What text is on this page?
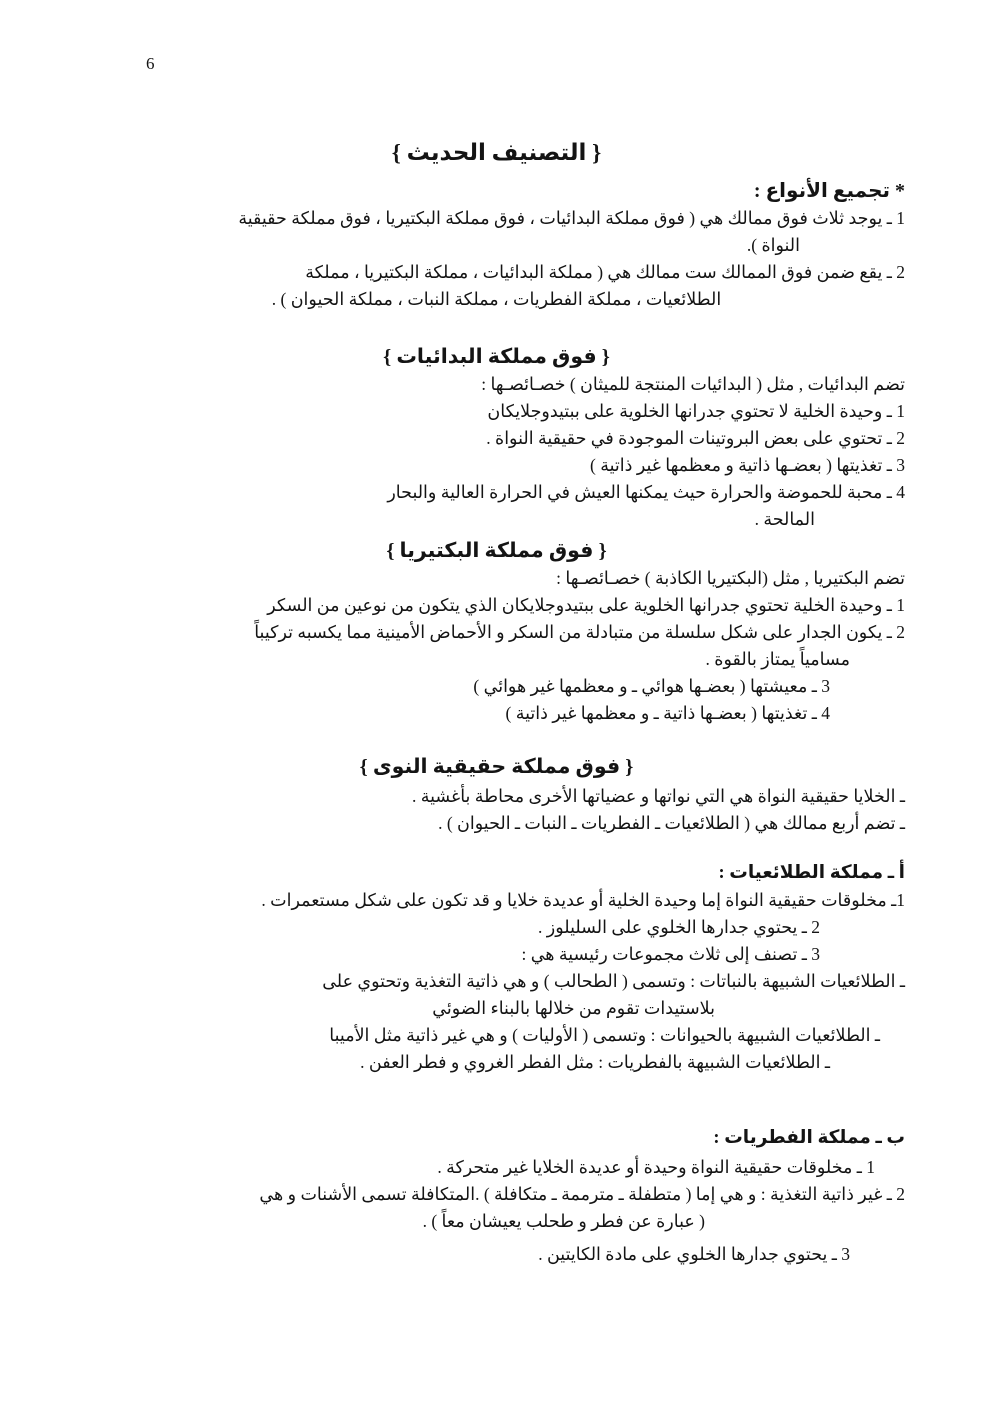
6
{ التصنيف الحديث }
* تجميع الأنواع :
1 ـ يوجد ثلاث فوق ممالك هي ( فوق مملكة البدائيات ، فوق مملكة البكتيريا ، فوق مملكة حقيقية
النواة ).
2 ـ يقع ضمن فوق الممالك ست ممالك هي ( مملكة البدائيات ، مملكة البكتيريا ، مملكة
الطلائعيات ، مملكة الفطريات ، مملكة النبات ، مملكة الحيوان ) .
{ فوق مملكة البدائيات }
تضم البدائيات , مثل ( البدائيات المنتجة للميثان ) خصـائصـها :
1 ـ وحيدة الخلية لا تحتوي جدرانها الخلوية على ببتيدوجلايكان
2 ـ تحتوي على بعض البروتينات الموجودة في حقيقية النواة .
3 ـ تغذيتها ( بعضـها ذاتية و معظمها غير ذاتية )
4 ـ محبة للحموضة والحرارة حيث يمكنها العيش في الحرارة العالية والبحار
المالحة .
{ فوق مملكة البكتيريا }
تضم البكتيريا , مثل (البكتيريا الكاذبة ) خصـائصـها :
1 ـ وحيدة الخلية تحتوي جدرانها الخلوية على ببتيدوجلايكان الذي يتكون من نوعين من السكر
2 ـ يكون الجدار على شكل سلسلة من متبادلة من السكر و الأحماض الأمينية مما يكسبه تركيباً
مسامياً يمتاز بالقوة .
3 ـ معيشتها ( بعضـها هوائي ـ و معظمها غير هوائي )
4 ـ تغذيتها ( بعضـها ذاتية ـ و معظمها غير ذاتية )
{ فوق مملكة حقيقية النوى }
ـ الخلايا حقيقية النواة هي التي نواتها و عضياتها الأخرى محاطة بأغشية .
ـ تضم أربع ممالك هي ( الطلائعيات ـ الفطريات ـ النبات ـ الحيوان ) .
أ ـ مملكة الطلائعيات :
1ـ مخلوقات حقيقية النواة إما وحيدة الخلية أو عديدة خلايا و قد تكون على شكل مستعمرات .
2 ـ يحتوي جدارها الخلوي على السليلوز .
3 ـ تصنف إلى ثلاث مجموعات رئيسية هي :
ـ الطلائعيات الشبيهة بالنباتات : وتسمى ( الطحالب ) و هي ذاتية التغذية وتحتوي على
بلاستيدات تقوم من خلالها بالبناء الضوئي
ـ الطلائعيات الشبيهة بالحيوانات : وتسمى ( الأوليات ) و هي غير ذاتية مثل الأميبا
ـ الطلائعيات الشبيهة بالفطريات : مثل الفطر الغروي و فطر العفن .
ب ـ مملكة الفطريات :
1 ـ مخلوقات حقيقية النواة وحيدة أو عديدة الخلايا غير متحركة .
2 ـ غير ذاتية التغذية : و هي إما ( متطفلة ـ مترممة ـ متكافلة ) .المتكافلة تسمى الأشنات و هي
( عبارة عن فطر و طحلب يعيشان معاً ) .
3 ـ يحتوي جدارها الخلوي على مادة الكايتين .
